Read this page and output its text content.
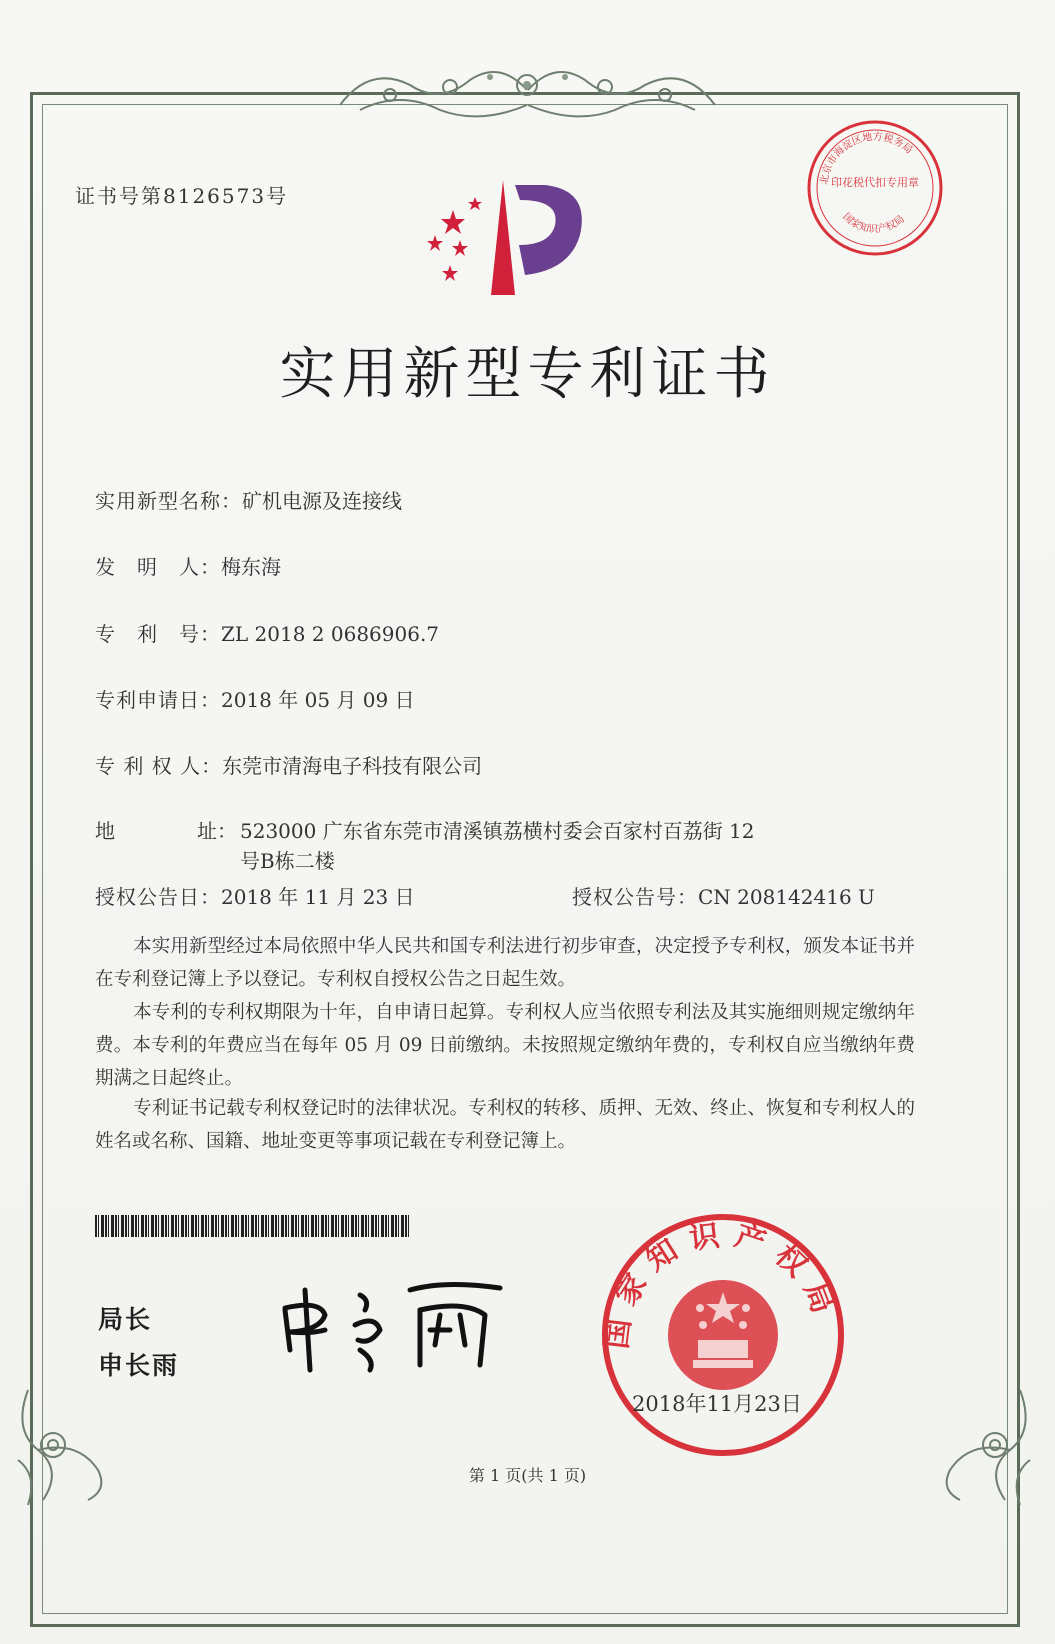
证书号第8126573号
北京市海淀区地方税务局
印花税代扣专用章
国家知识产权局
实用新型专利证书
实用新型名称：矿机电源及连接线
发　明　人：梅东海
专　利　号：ZL 2018 2 0686906.7
专利申请日：2018 年 05 月 09 日
专 利 权 人：东莞市清海电子科技有限公司
地	址： 523000 广东省东莞市清溪镇荔横村委会百家村百荔街 12
号B栋二楼
授权公告日：2018 年 11 月 23 日	授权公告号：CN 208142416 U
本实用新型经过本局依照中华人民共和国专利法进行初步审查，决定授予专利权，颁发本证书并在专利登记簿上予以登记。专利权自授权公告之日起生效。
本专利的专利权期限为十年，自申请日起算。专利权人应当依照专利法及其实施细则规定缴纳年费。本专利的年费应当在每年 05 月 09 日前缴纳。未按照规定缴纳年费的，专利权自应当缴纳年费期满之日起终止。
专利证书记载专利权登记时的法律状况。专利权的转移、质押、无效、终止、恢复和专利权人的姓名或名称、国籍、地址变更等事项记载在专利登记簿上。
局长
申长雨
国家知识产权局
2018年11月23日
第 1 页(共 1 页)
